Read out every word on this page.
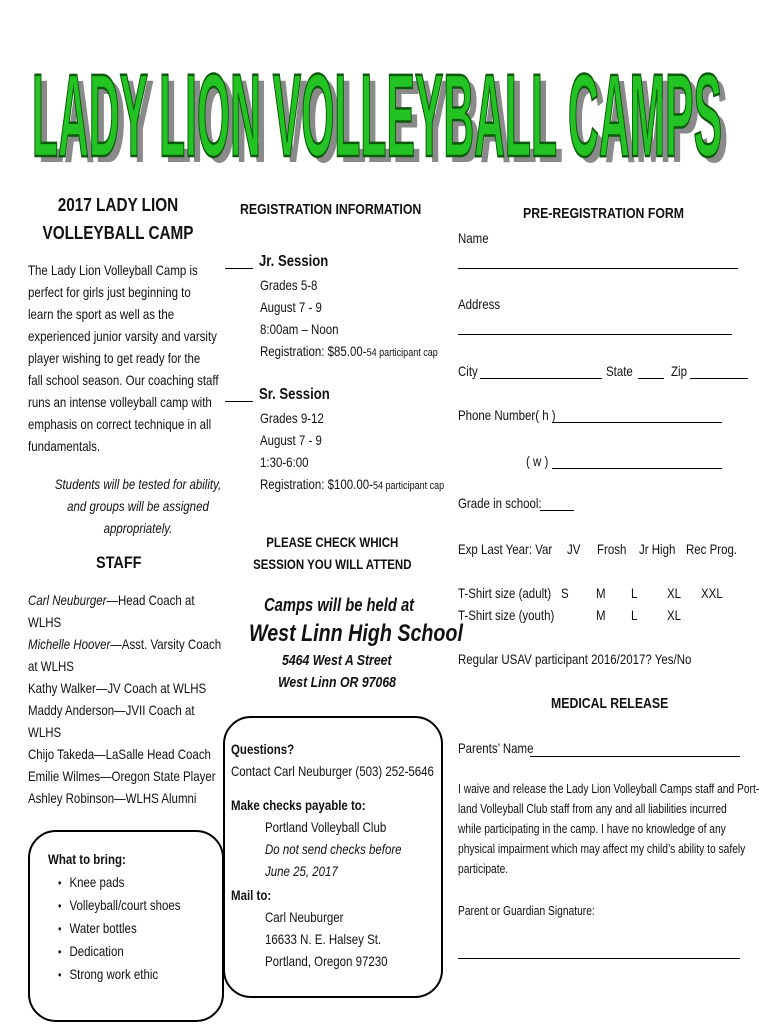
LADY LION VOLLEYBALL CAMPS
LADY LION VOLLEYBALL CAMPS
2017 LADY LION
VOLLEYBALL CAMP
The Lady Lion Volleyball Camp is
perfect for girls just beginning to
learn the sport as well as the
experienced junior varsity and varsity
player wishing to get ready for the
fall school season. Our coaching staff
runs an intense volleyball camp with
emphasis on correct technique in all
fundamentals.
Students will be tested for ability,
and groups will be assigned
appropriately.
STAFF
Carl Neuburger—Head Coach at
WLHS
Michelle Hoover—Asst. Varsity Coach
at WLHS
Kathy Walker—JV Coach at WLHS
Maddy Anderson—JVII Coach at
WLHS
Chijo Takeda—LaSalle Head Coach
Emilie Wilmes—Oregon State Player
Ashley Robinson—WLHS Alumni
What to bring:
• Knee pads
• Volleyball/court shoes
• Water bottles
• Dedication
• Strong work ethic
REGISTRATION INFORMATION
Jr. Session
Grades 5-8
August 7 - 9
8:00am – Noon
Registration: $85.00-54 participant cap
Sr. Session
Grades 9-12
August 7 - 9
1:30-6:00
Registration: $100.00-54 participant cap
PLEASE CHECK WHICH
SESSION YOU WILL ATTEND
Camps will be held at
West Linn High School
5464 West A Street
West Linn OR 97068
Questions?
Contact Carl Neuburger (503) 252-5646
Make checks payable to:
Portland Volleyball Club
Do not send checks before
June 25, 2017
Mail to:
Carl Neuburger
16633 N. E. Halsey St.
Portland, Oregon 97230
PRE-REGISTRATION FORM
Name
Address
City	State	Zip
Phone Number( h )
( w )
Grade in school:
Exp Last Year: Var JV Frosh Jr High Rec Prog.
T-Shirt size (adult) S M L XL XXL
T-Shirt size (youth)	M L XL
Regular USAV participant 2016/2017? Yes/No
MEDICAL RELEASE
Parents’ Name
I waive and release the Lady Lion Volleyball Camps staff and Port-
land Volleyball Club staff from any and all liabilities incurred
while participating in the camp. I have no knowledge of any
physical impairment which may affect my child’s ability to safely
participate.
Parent or Guardian Signature:
